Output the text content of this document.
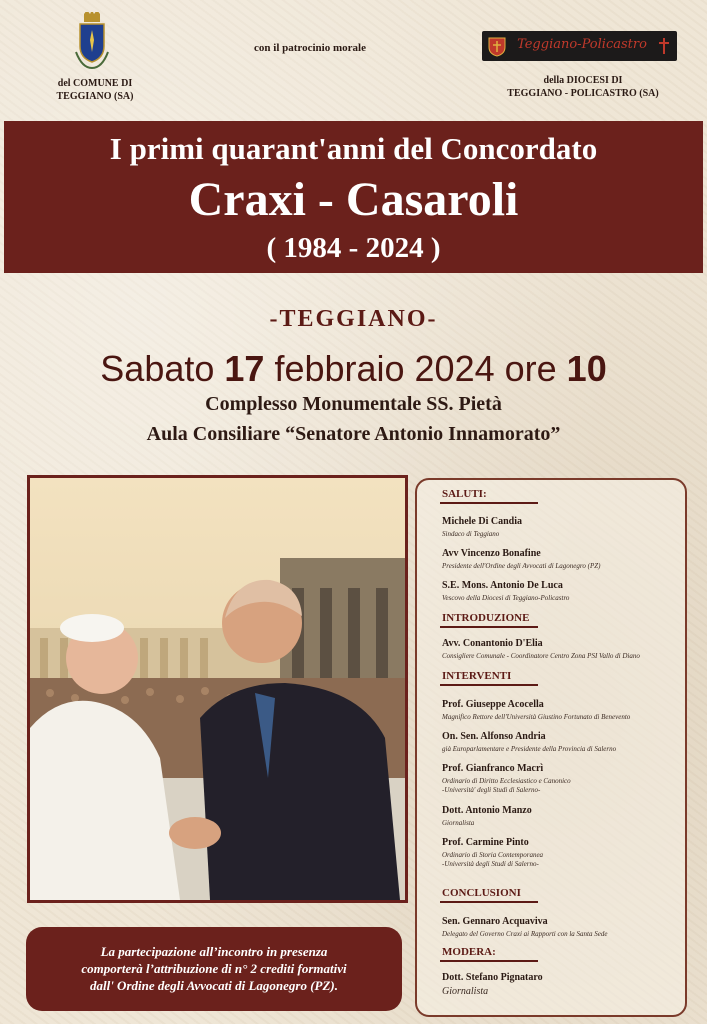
del COMUNE DI
TEGGIANO (SA)
con il patrocinio morale	Teggiano-Policastro
della DIOCESI DI
TEGGIANO - POLICASTRO (SA)
I primi quarant'anni del Concordato
Craxi - Casaroli
( 1984 - 2024 )
-TEGGIANO-
Sabato 17 febbraio 2024 ore 10
Complesso Monumentale SS. Pietà
Aula Consiliare “Senatore Antonio Innamorato”
La partecipazione all’incontro in presenza
comporterà l’attribuzione di n° 2 crediti formativi
dall' Ordine degli Avvocati di Lagonegro (PZ).
SALUTI:
Michele Di Candia
Sindaco di Teggiano
Avv Vincenzo Bonafine
Presidente dell'Ordine degli Avvocati di Lagonegro (PZ)
S.E. Mons. Antonio De Luca
Vescovo della Diocesi di Teggiano-Policastro
INTRODUZIONE
Avv. Conantonio D'Elia
Consigliere Comunale - Coordinatore Centro Zona PSI Vallo di Diano
INTERVENTI
Prof. Giuseppe Acocella
Magnifico Rettore dell'Università Giustino Fortunato di Benevento
On. Sen. Alfonso Andria
già Europarlamentare e Presidente della Provincia di Salerno
Prof. Gianfranco Macrì
Ordinario di Diritto Ecclesiastico e Canonico
-Università' degli Studi di Salerno-
Dott. Antonio Manzo
Giornalista
Prof. Carmine Pinto
Ordinario di Storia Contemporanea
-Università degli Studi di Salerno-
CONCLUSIONI
Sen. Gennaro Acquaviva
Delegato del Governo Craxi ai Rapporti con la Santa Sede
MODERA:
Dott. Stefano Pignataro
Giornalista
